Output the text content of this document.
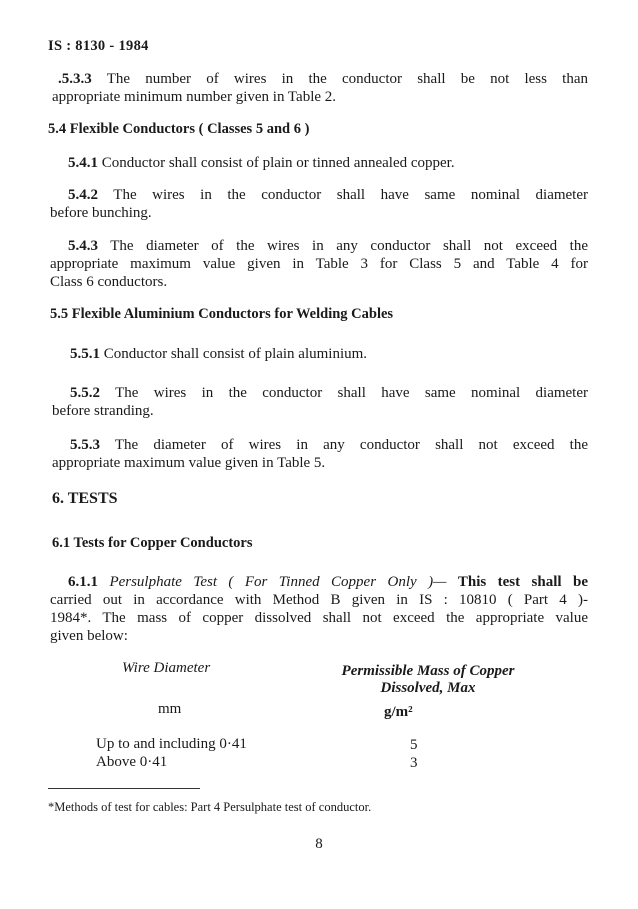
IS : 8130 - 1984
.5.3.3 The number of wires in the conductor shall be not less than
appropriate minimum number given in Table 2.
5.4 Flexible Conductors ( Classes 5 and 6 )
5.4.1 Conductor shall consist of plain or tinned annealed copper.
5.4.2 The wires in the conductor shall have same nominal diameter
before bunching.
5.4.3 The diameter of the wires in any conductor shall not exceed the
appropriate maximum value given in Table 3 for Class 5 and Table 4 for
Class 6 conductors.
5.5 Flexible Aluminium Conductors for Welding Cables
5.5.1 Conductor shall consist of plain aluminium.
5.5.2 The wires in the conductor shall have same nominal diameter
before stranding.
5.5.3 The diameter of wires in any conductor shall not exceed the
appropriate maximum value given in Table 5.
6. TESTS
6.1 Tests for Copper Conductors
6.1.1 Persulphate Test ( For Tinned Copper Only )— This test shall be
carried out in accordance with Method B given in IS : 10810 ( Part 4 )-
1984*. The mass of copper dissolved shall not exceed the appropriate value
given below:
Wire Diameter
mm
Permissible Mass of Copper
Dissolved, Max
g/m²
Up to and including 0·41	5
Above 0·41	3
*Methods of test for cables: Part 4 Persulphate test of conductor.
8
